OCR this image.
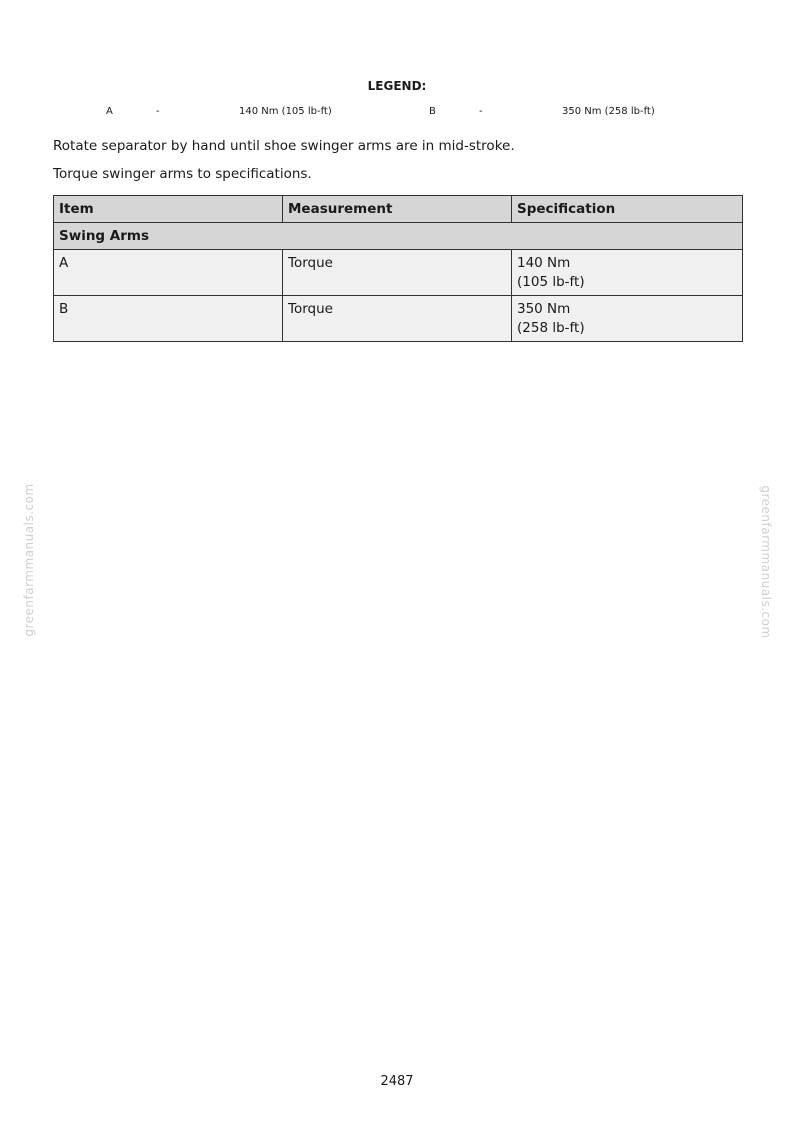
LEGEND:
A	-	140 Nm (105 lb-ft)	B	-	350 Nm (258 lb-ft)
Rotate separator by hand until shoe swinger arms are in mid-stroke.
Torque swinger arms to specifications.
Item	Measurement	Specification
Swing Arms		
A	Torque	140 Nm
(105 lb-ft)

B	Torque	350 Nm
(258 lb-ft)
greenfarmmanuals.com	greenfarmmanuals.com
2487
